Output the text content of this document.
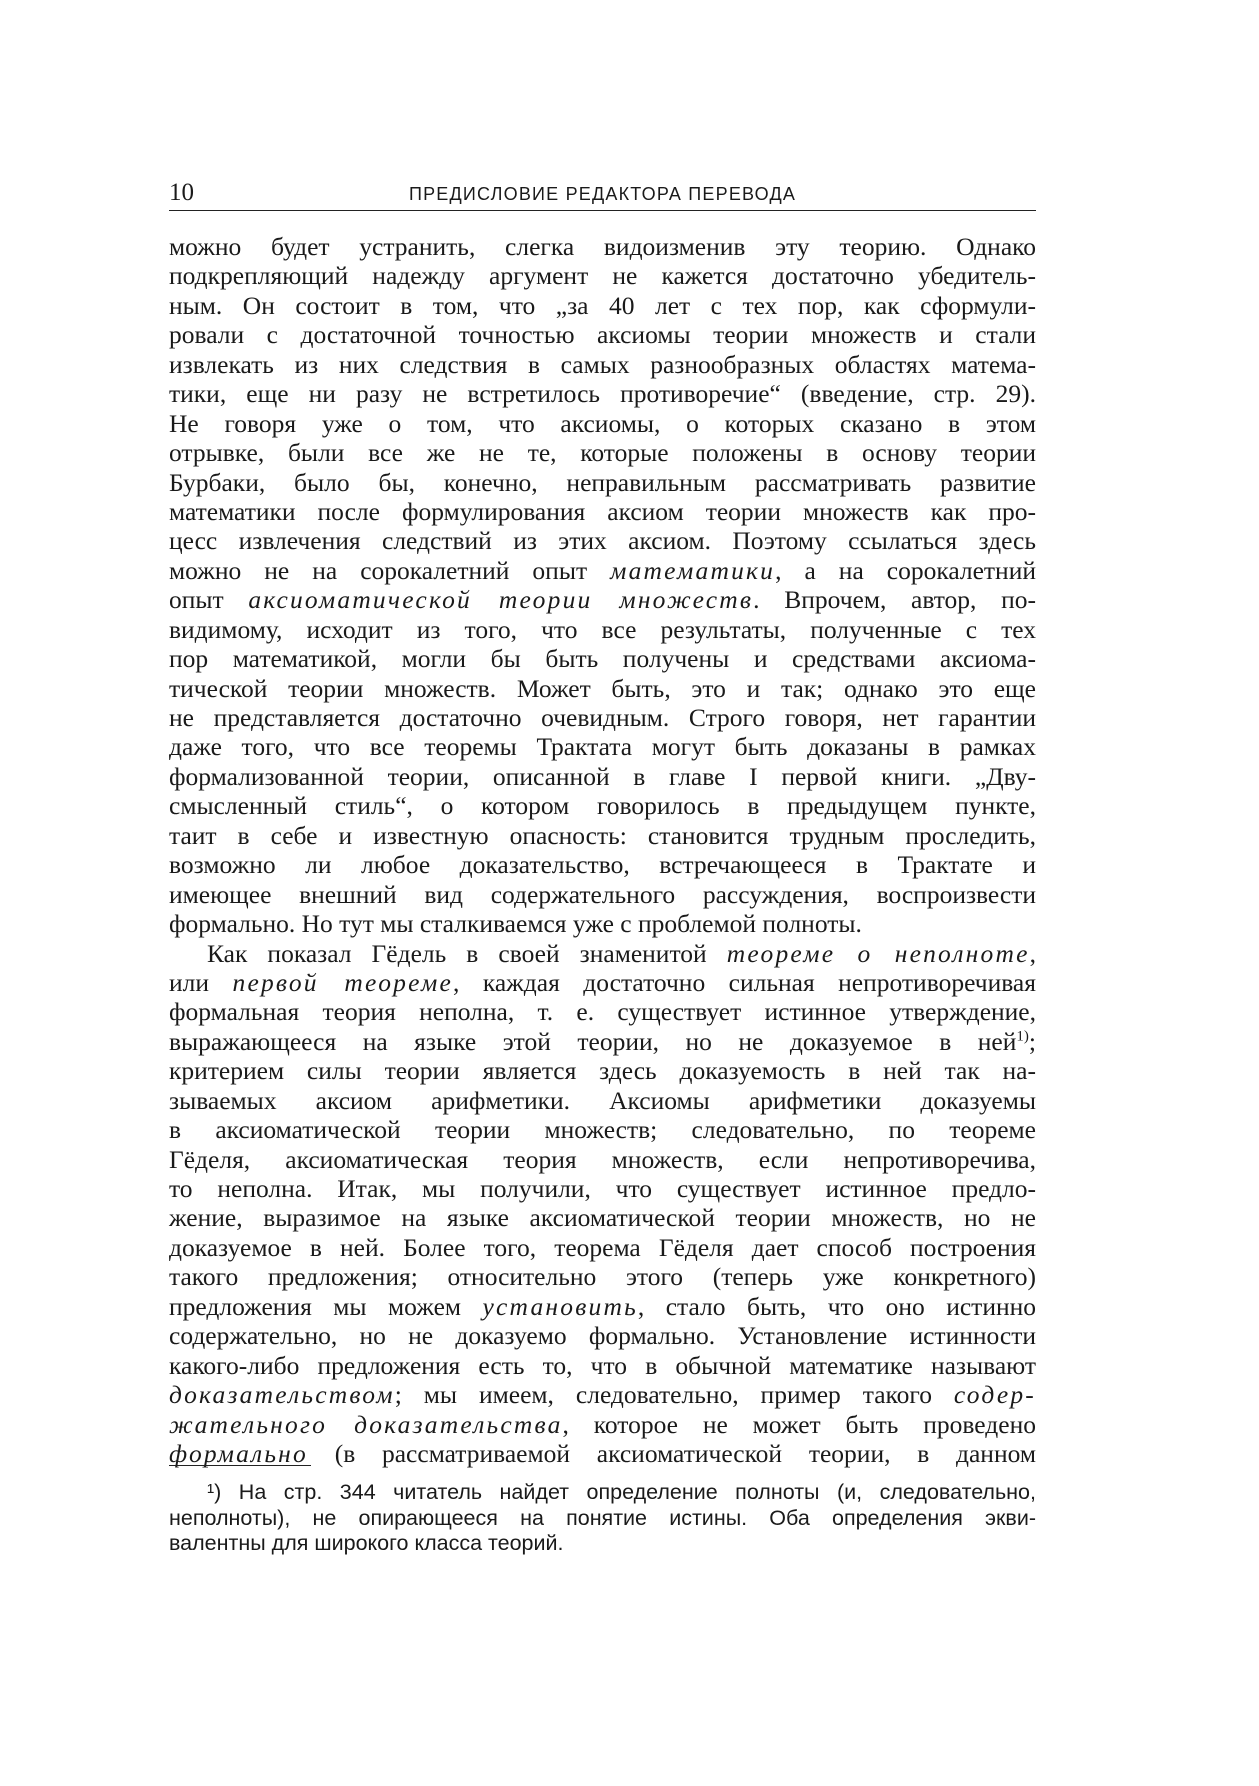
10	ПРЕДИСЛОВИЕ РЕДАКТОРА ПЕРЕВОДА
можно будет устранить, слегка видоизменив эту теорию. Однако
подкрепляющий надежду аргумент не кажется достаточно убедитель-
ным. Он состоит в том, что „за 40 лет с тех пор, как сформули-
ровали с достаточной точностью аксиомы теории множеств и стали
извлекать из них следствия в самых разнообразных областях матема-
тики, еще ни разу не встретилось противоречие“ (введение, стр. 29).
Не говоря уже о том, что аксиомы, о которых сказано в этом
отрывке, были все же не те, которые положены в основу теории
Бурбаки, было бы, конечно, неправильным рассматривать развитие
математики после формулирования аксиом теории множеств как про-
цесс извлечения следствий из этих аксиом. Поэтому ссылаться здесь
можно не на сорокалетний опыт математики, а на сорокалетний
опыт аксиоматической теории множеств. Впрочем, автор, по-
видимому, исходит из того, что все результаты, полученные с тех
пор математикой, могли бы быть получены и средствами аксиома-
тической теории множеств. Может быть, это и так; однако это еще
не представляется достаточно очевидным. Строго говоря, нет гарантии
даже того, что все теоремы Трактата могут быть доказаны в рамках
формализованной теории, описанной в главе I первой книги. „Дву-
смысленный стиль“, о котором говорилось в предыдущем пункте,
таит в себе и известную опасность: становится трудным проследить,
возможно ли любое доказательство, встречающееся в Трактате и
имеющее внешний вид содержательного рассуждения, воспроизвести
формально. Но тут мы сталкиваемся уже с проблемой полноты.
Как показал Гёдель в своей знаменитой теореме о неполноте,
или первой теореме, каждая достаточно сильная непротиворечивая
формальная теория неполна, т. е. существует истинное утверждение,
выражающееся на языке этой теории, но не доказуемое в ней$^{1)}$;
критерием силы теории является здесь доказуемость в ней так на-
зываемых аксиом арифметики. Аксиомы арифметики доказуемы
в аксиоматической теории множеств; следовательно, по теореме
Гёделя, аксиоматическая теория множеств, если непротиворечива,
то неполна. Итак, мы получили, что существует истинное предло-
жение, выразимое на языке аксиоматической теории множеств, но не
доказуемое в ней. Более того, теорема Гёделя дает способ построения
такого предложения; относительно этого (теперь уже конкретного)
предложения мы можем установить, стало быть, что оно истинно
содержательно, но не доказуемо формально. Установление истинности
какого-либо предложения есть то, что в обычной математике называют
доказательством; мы имеем, следовательно, пример такого содер-
жательного доказательства, которое не может быть проведено
формально (в рассматриваемой аксиоматической теории, в данном
¹) На стр. 344 читатель найдет определение полноты (и, следовательно,
неполноты), не опирающееся на понятие истины. Оба определения экви-
валентны для широкого класса теорий.
